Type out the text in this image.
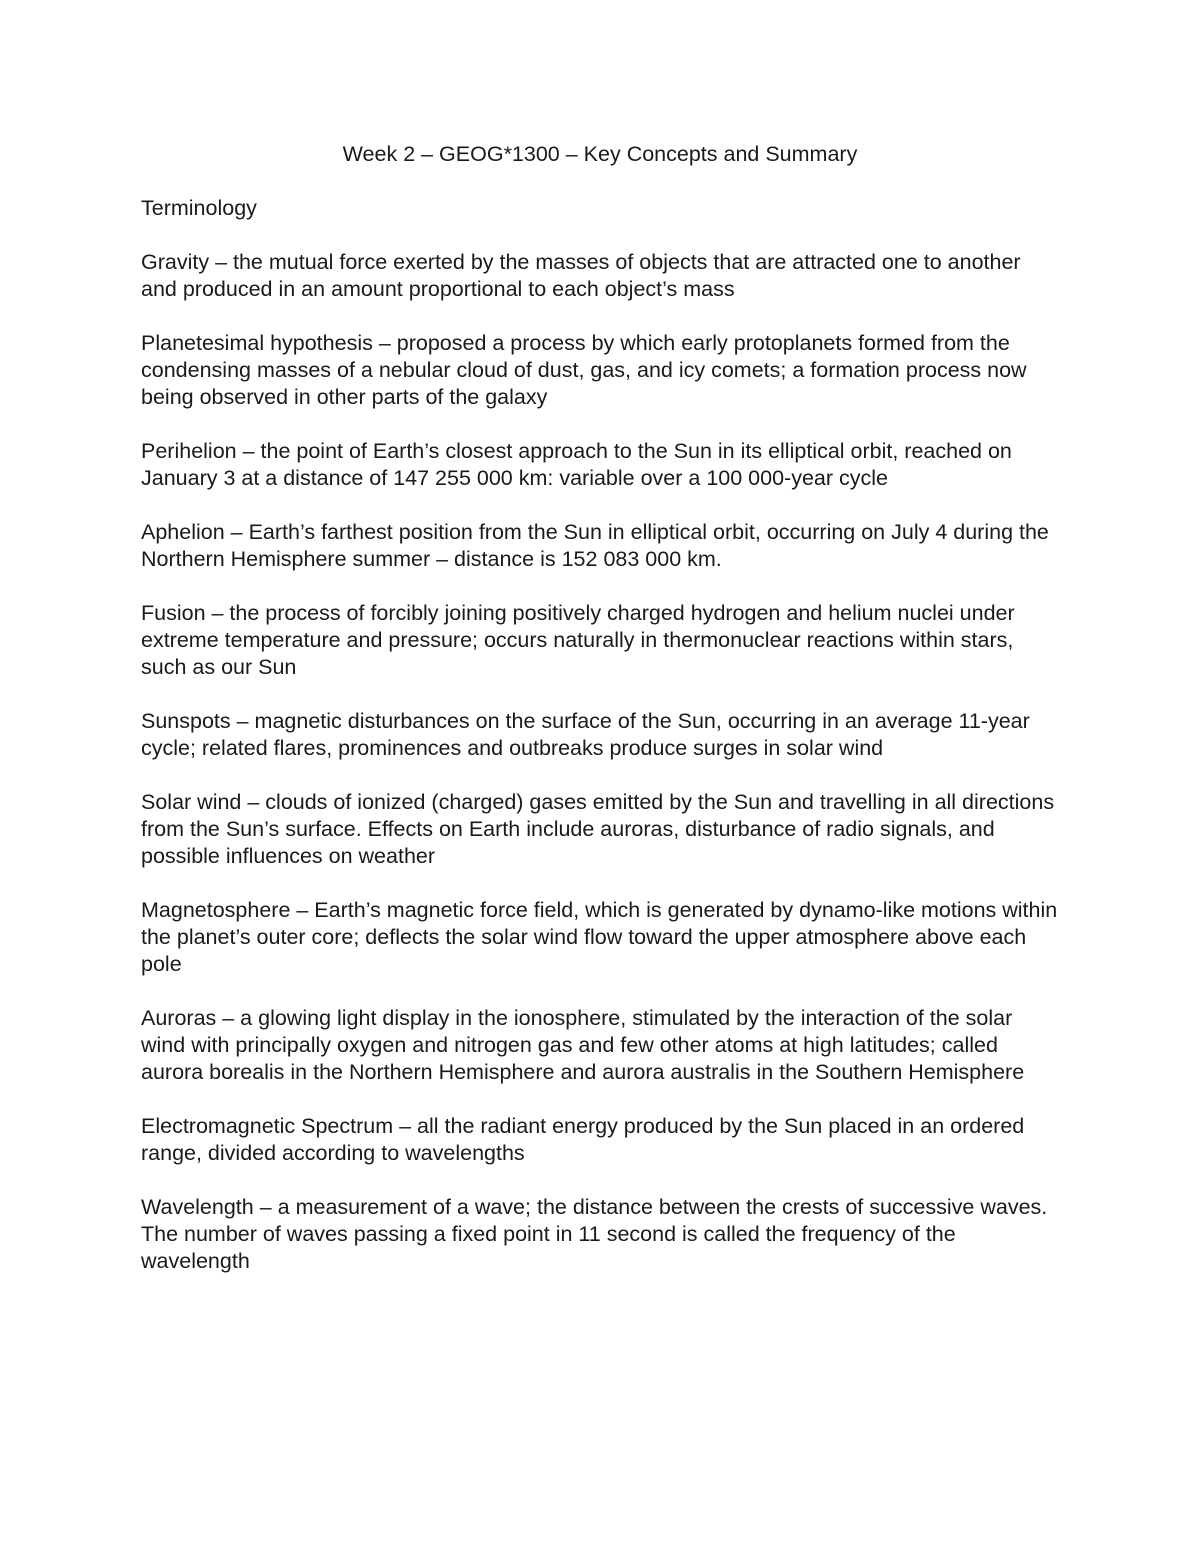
Week 2 – GEOG*1300 – Key Concepts and Summary
Terminology
Gravity – the mutual force exerted by the masses of objects that are attracted one to another and produced in an amount proportional to each object’s mass
Planetesimal hypothesis – proposed a process by which early protoplanets formed from the condensing masses of a nebular cloud of dust, gas, and icy comets; a formation process now being observed in other parts of the galaxy
Perihelion – the point of Earth’s closest approach to the Sun in its elliptical orbit, reached on January 3 at a distance of 147 255 000 km: variable over a 100 000-year cycle
Aphelion – Earth’s farthest position from the Sun in elliptical orbit, occurring on July 4 during the Northern Hemisphere summer – distance is 152 083 000 km.
Fusion – the process of forcibly joining positively charged hydrogen and helium nuclei under extreme temperature and pressure; occurs naturally in thermonuclear reactions within stars, such as our Sun
Sunspots – magnetic disturbances on the surface of the Sun, occurring in an average 11-year cycle; related flares, prominences and outbreaks produce surges in solar wind
Solar wind – clouds of ionized (charged) gases emitted by the Sun and travelling in all directions from the Sun’s surface. Effects on Earth include auroras, disturbance of radio signals, and possible influences on weather
Magnetosphere – Earth’s magnetic force field, which is generated by dynamo-like motions within the planet’s outer core; deflects the solar wind flow toward the upper atmosphere above each pole
Auroras – a glowing light display in the ionosphere, stimulated by the interaction of the solar wind with principally oxygen and nitrogen gas and few other atoms at high latitudes; called aurora borealis in the Northern Hemisphere and aurora australis in the Southern Hemisphere
Electromagnetic Spectrum – all the radiant energy produced by the Sun placed in an ordered range, divided according to wavelengths
Wavelength – a measurement of a wave; the distance between the crests of successive waves. The number of waves passing a fixed point in 11 second is called the frequency of the wavelength
